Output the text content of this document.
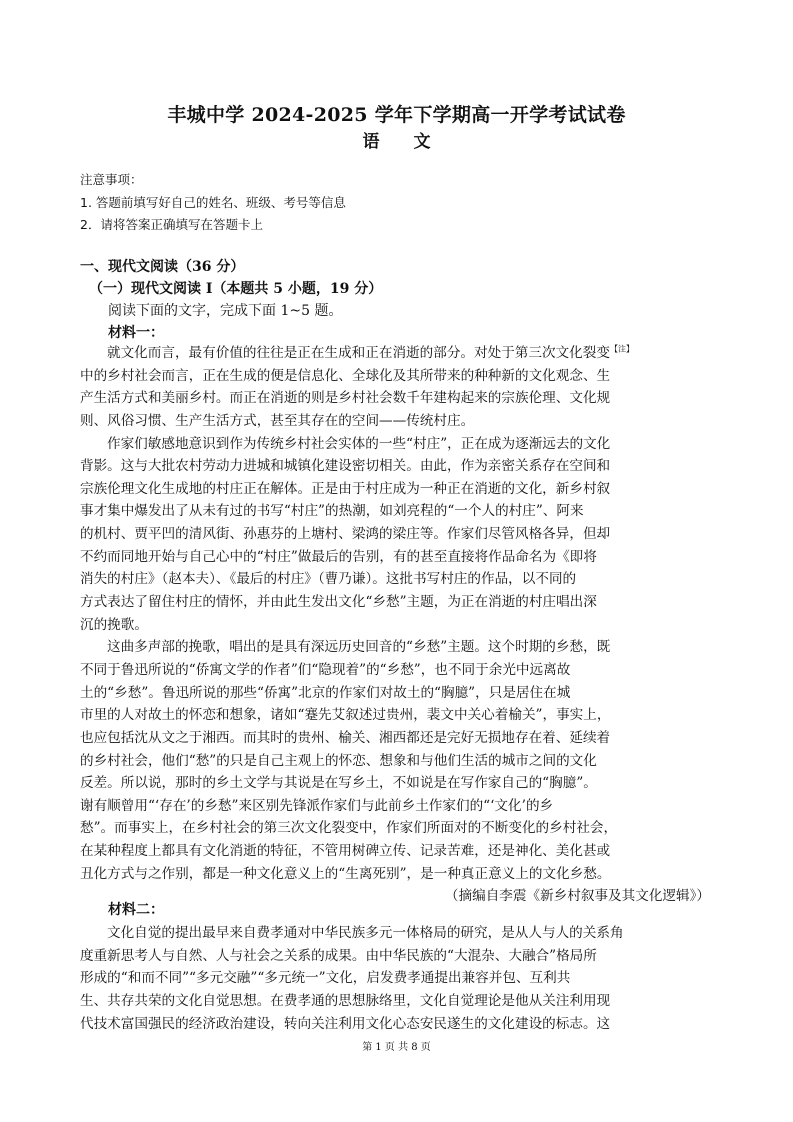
丰城中学 2024-2025 学年下学期高一开学考试试卷
语　　文
注意事项：
1. 答题前填写好自己的姓名、班级、考号等信息
2．请将答案正确填写在答题卡上
一、现代文阅读（36 分）
（一）现代文阅读 I（本题共 5 小题，19 分）
阅读下面的文字，完成下面 1~5 题。
材料一：
就文化而言，最有价值的往往是正在生成和正在消逝的部分。对处于第三次文化裂变$^{【注】}$
中的乡村社会而言，正在生成的便是信息化、全球化及其所带来的种种新的文化观念、生
产生活方式和美丽乡村。而正在消逝的则是乡村社会数千年建构起来的宗族伦理、文化规
则、风俗习惯、生产生活方式，甚至其存在的空间——传统村庄。
作家们敏感地意识到作为传统乡村社会实体的一些“村庄”，正在成为逐渐远去的文化
背影。这与大批农村劳动力进城和城镇化建设密切相关。由此，作为亲密关系存在空间和
宗族伦理文化生成地的村庄正在解体。正是由于村庄成为一种正在消逝的文化，新乡村叙
事才集中爆发出了从未有过的书写“村庄”的热潮，如刘亮程的“一个人的村庄”、阿来
的机村、贾平凹的清风街、孙惠芬的上塘村、梁鸿的梁庄等。作家们尽管风格各异，但却
不约而同地开始与自己心中的“村庄”做最后的告别，有的甚至直接将作品命名为《即将
消失的村庄》（赵本夫）、《最后的村庄》（曹乃谦）。这批书写村庄的作品，以不同的
方式表达了留住村庄的情怀，并由此生发出文化“乡愁”主题，为正在消逝的村庄唱出深
沉的挽歌。
这曲多声部的挽歌，唱出的是具有深远历史回音的“乡愁”主题。这个时期的乡愁，既
不同于鲁迅所说的“侨寓文学的作者”们“隐现着”的“乡愁”，也不同于余光中远离故
土的“乡愁”。鲁迅所说的那些“侨寓”北京的作家们对故土的“胸臆”，只是居住在城
市里的人对故土的怀恋和想象，诸如“蹇先艾叙述过贵州，裴文中关心着榆关”，事实上，
也应包括沈从文之于湘西。而其时的贵州、榆关、湘西都还是完好无损地存在着、延续着
的乡村社会，他们“愁”的只是自己主观上的怀恋、想象和与他们生活的城市之间的文化
反差。所以说，那时的乡土文学与其说是在写乡土，不如说是在写作家自己的“胸臆”。
谢有顺曾用“‘存在’的乡愁”来区别先锋派作家们与此前乡土作家们的“‘文化’的乡
愁”。而事实上，在乡村社会的第三次文化裂变中，作家们所面对的不断变化的乡村社会，
在某种程度上都具有文化消逝的特征，不管用树碑立传、记录苦难，还是神化、美化甚或
丑化方式与之作别，都是一种文化意义上的“生离死别”，是一种真正意义上的文化乡愁。
（摘编自李震《新乡村叙事及其文化逻辑》）
材料二：
文化自觉的提出最早来自费孝通对中华民族多元一体格局的研究，是从人与人的关系角
度重新思考人与自然、人与社会之关系的成果。由中华民族的“大混杂、大融合”格局所
形成的“和而不同”“多元交融”“多元统一”文化，启发费孝通提出兼容并包、互利共
生、共存共荣的文化自觉思想。在费孝通的思想脉络里，文化自觉理论是他从关注利用现
代技术富国强民的经济政治建设，转向关注利用文化心态安民遂生的文化建设的标志。这
第 1 页 共 8 页
